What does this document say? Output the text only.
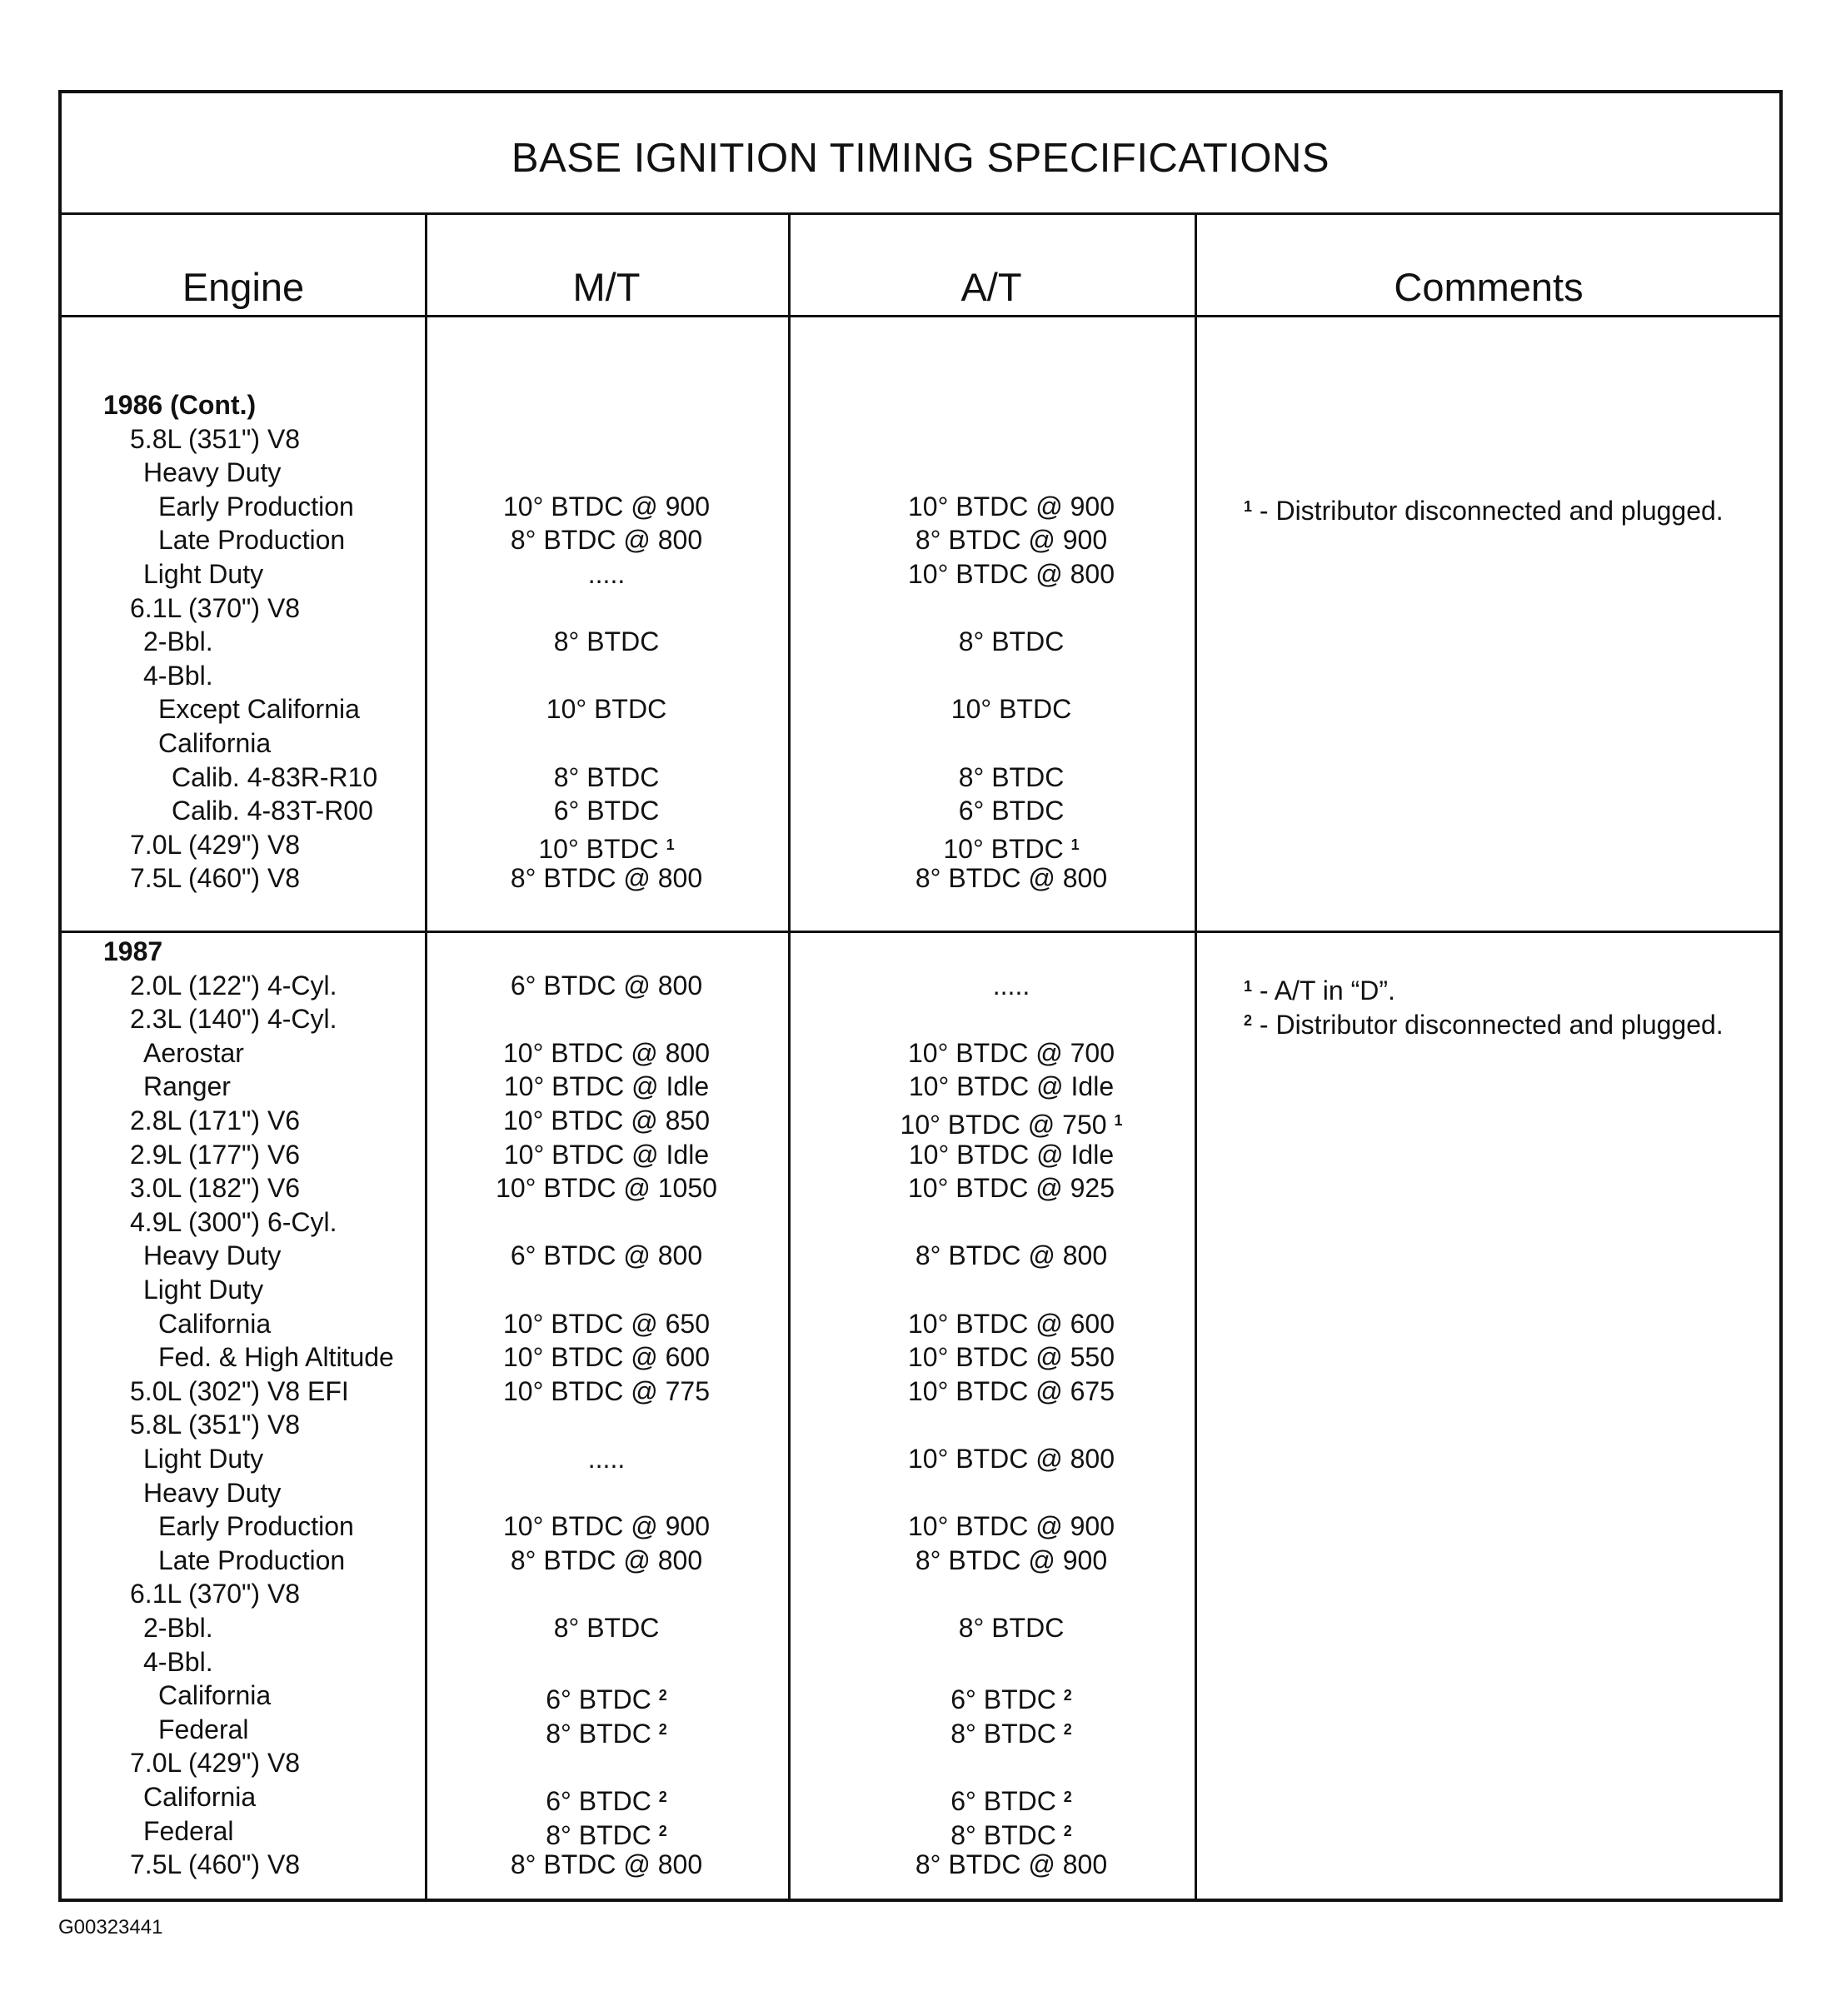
BASE IGNITION TIMING SPECIFICATIONS
Engine	M/T	A/T	Comments
1986 (Cont.)
5.8L (351") V8
Heavy Duty
Early Production	10° BTDC @ 900	10° BTDC @ 900
Late Production	8° BTDC @ 800	8° BTDC @ 900
Light Duty	.....	10° BTDC @ 800
6.1L (370") V8
2-Bbl.	8° BTDC	8° BTDC
4-Bbl.
Except California	10° BTDC	10° BTDC
California
Calib. 4-83R-R10	8° BTDC	8° BTDC
Calib. 4-83T-R00	6° BTDC	6° BTDC
7.0L (429") V8	10° BTDC $^1$	10° BTDC $^1$
7.5L (460") V8	8° BTDC @ 800	8° BTDC @ 800
$^1$ - Distributor disconnected and plugged.
1987
2.0L (122") 4-Cyl.	6° BTDC @ 800	.....
2.3L (140") 4-Cyl.
Aerostar	10° BTDC @ 800	10° BTDC @ 700
Ranger	10° BTDC @ Idle	10° BTDC @ Idle
2.8L (171") V6	10° BTDC @ 850	10° BTDC @ 750 $^1$
2.9L (177") V6	10° BTDC @ Idle	10° BTDC @ Idle
3.0L (182") V6	10° BTDC @ 1050	10° BTDC @ 925
4.9L (300") 6-Cyl.
Heavy Duty	6° BTDC @ 800	8° BTDC @ 800
Light Duty
California	10° BTDC @ 650	10° BTDC @ 600
Fed. & High Altitude	10° BTDC @ 600	10° BTDC @ 550
5.0L (302") V8 EFI	10° BTDC @ 775	10° BTDC @ 675
5.8L (351") V8
Light Duty	.....	10° BTDC @ 800
Heavy Duty
Early Production	10° BTDC @ 900	10° BTDC @ 900
Late Production	8° BTDC @ 800	8° BTDC @ 900
6.1L (370") V8
2-Bbl.	8° BTDC	8° BTDC
4-Bbl.
California	6° BTDC $^2$	6° BTDC $^2$
Federal	8° BTDC $^2$	8° BTDC $^2$
7.0L (429") V8
California	6° BTDC $^2$	6° BTDC $^2$
Federal	8° BTDC $^2$	8° BTDC $^2$
7.5L (460") V8	8° BTDC @ 800	8° BTDC @ 800
$^1$ - A/T in “D”.
$^2$ - Distributor disconnected and plugged.
G00323441
